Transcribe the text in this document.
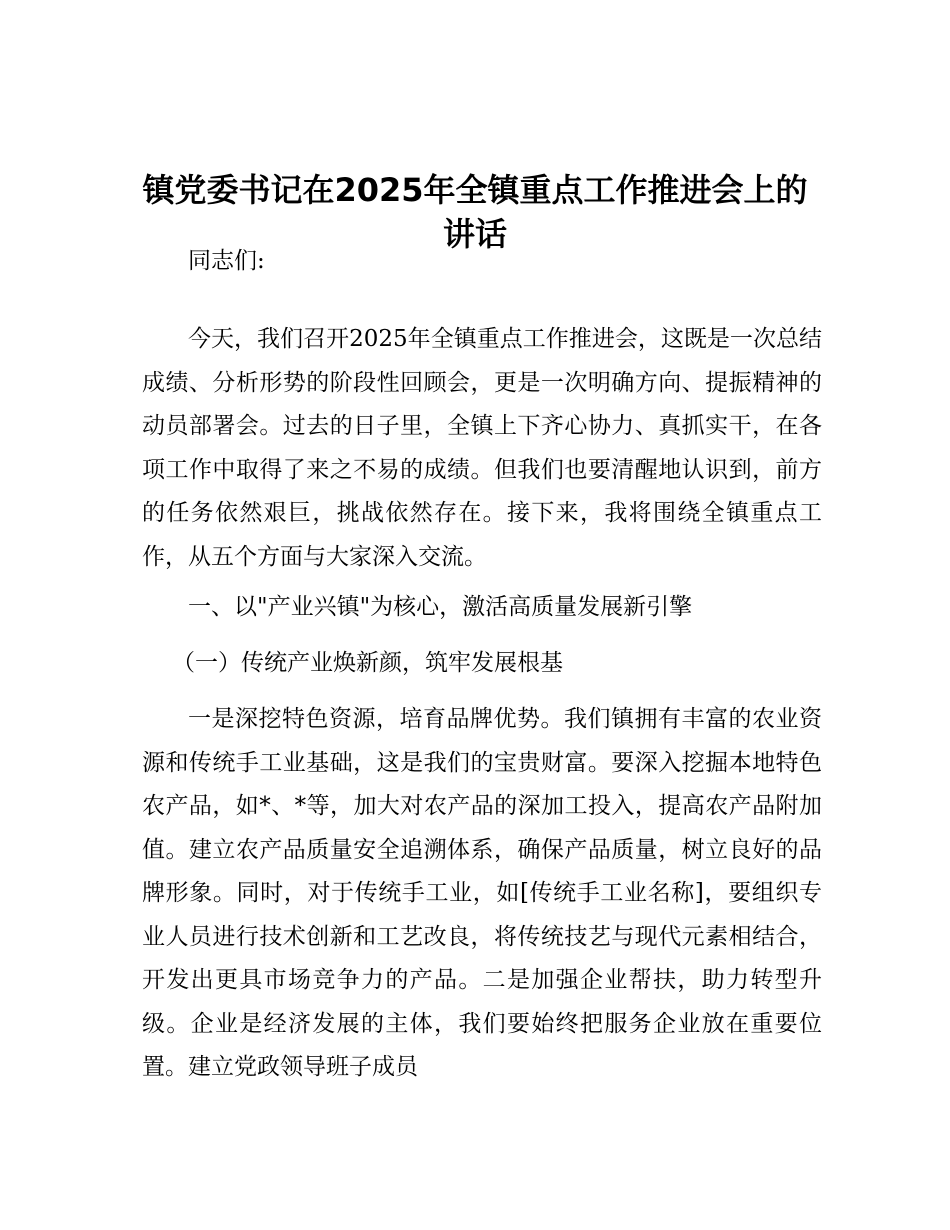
镇党委书记在2025年全镇重点工作推进会上的
讲话

同志们:

今天，我们召开2025年全镇重点工作推进会，这既是一次总结成绩、分析形势的阶段性回顾会，更是一次明确方向、提振精神的动员部署会。过去的日子里，全镇上下齐心协力、真抓实干，在各项工作中取得了来之不易的成绩。但我们也要清醒地认识到，前方的任务依然艰巨，挑战依然存在。接下来，我将围绕全镇重点工作，从五个方面与大家深入交流。

一、以"产业兴镇"为核心，激活高质量发展新引擎

（一）传统产业焕新颜，筑牢发展根基

一是深挖特色资源，培育品牌优势。我们镇拥有丰富的农业资源和传统手工业基础，这是我们的宝贵财富。要深入挖掘本地特色农产品，如*、*等，加大对农产品的深加工投入，提高农产品附加值。建立农产品质量安全追溯体系，确保产品质量，树立良好的品牌形象。同时，对于传统手工业，如[传统手工业名称]，要组织专业人员进行技术创新和工艺改良，将传统技艺与现代元素相结合，开发出更具市场竞争力的产品。二是加强企业帮扶，助力转型升级。企业是经济发展的主体，我们要始终把服务企业放在重要位置。建立党政领导班子成员
